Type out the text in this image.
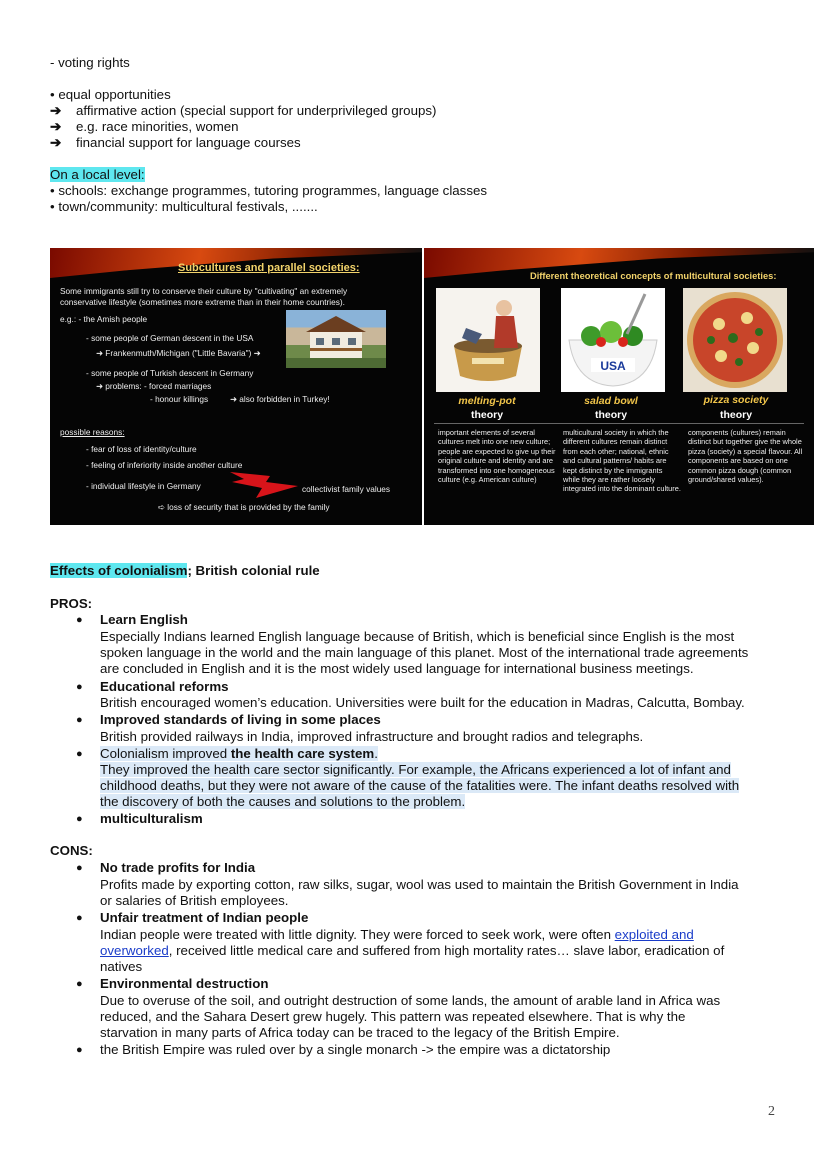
- voting rights
• equal opportunities
➔ affirmative action (special support for underprivileged groups)
➔ e.g. race minorities, women
➔ financial support for language courses
On a local level:
• schools: exchange programmes, tutoring programmes, language classes
• town/community: multicultural festivals, .......
Subcultures and parallel societies:
Some immigrants still try to conserve their culture by "cultivating" an extremely
conservative lifestyle (sometimes more extreme than in their home countries).
e.g.: - the Amish people
- some people of German descent in the USA
➜ Frankenmuth/Michigan ("Little Bavaria") ➜
- some people of Turkish descent in Germany
➜ problems: - forced marriages
- honour killings	➜ also forbidden in Turkey!
possible reasons:
- fear of loss of identity/culture
- feeling of inferiority inside another culture
- individual lifestyle in Germany	collectivist family values
➪ loss of security that is provided by the family
Different theoretical concepts of multicultural societies:
USA
melting-pot
theory
salad bowl
theory
pizza society
theory
important elements of several cultures melt into one new culture; people are expected to give up their original culture and identity and are transformed into one homogeneous culture (e.g. American culture)
multicultural society in which the different cultures remain distinct from each other; national, ethnic and cultural patterns/ habits are kept distinct by the immigrants while they are rather loosely integrated into the dominant culture.
components (cultures) remain distinct but together give the whole pizza (society) a special flavour. All components are based on one common pizza dough (common ground/shared values).
Effects of colonialism; British colonial rule
PROS:
● Learn English
Especially Indians learned English language because of British, which is beneficial since English is the most
spoken language in the world and the main language of this planet. Most of the international trade agreements
are concluded in English and it is the most widely used language for international business meetings.
● Educational reforms
British encouraged women’s education. Universities were built for the education in Madras, Calcutta, Bombay.
● Improved standards of living in some places
British provided railways in India, improved infrastructure and brought radios and telegraphs.
● Colonialism improved the health care system.
They improved the health care sector significantly. For example, the Africans experienced a lot of infant and
childhood deaths, but they were not aware of the cause of the fatalities were. The infant deaths resolved with
the discovery of both the causes and solutions to the problem.
● multiculturalism
CONS:
● No trade profits for India
Profits made by exporting cotton, raw silks, sugar, wool was used to maintain the British Government in India
or salaries of British employees.
● Unfair treatment of Indian people
Indian people were treated with little dignity. They were forced to seek work, were often exploited and
overworked, received little medical care and suffered from high mortality rates… slave labor, eradication of
natives
● Environmental destruction
Due to overuse of the soil, and outright destruction of some lands, the amount of arable land in Africa was
reduced, and the Sahara Desert grew hugely. This pattern was repeated elsewhere. That is why the
starvation in many parts of Africa today can be traced to the legacy of the British Empire.
● the British Empire was ruled over by a single monarch -> the empire was a dictatorship
2
